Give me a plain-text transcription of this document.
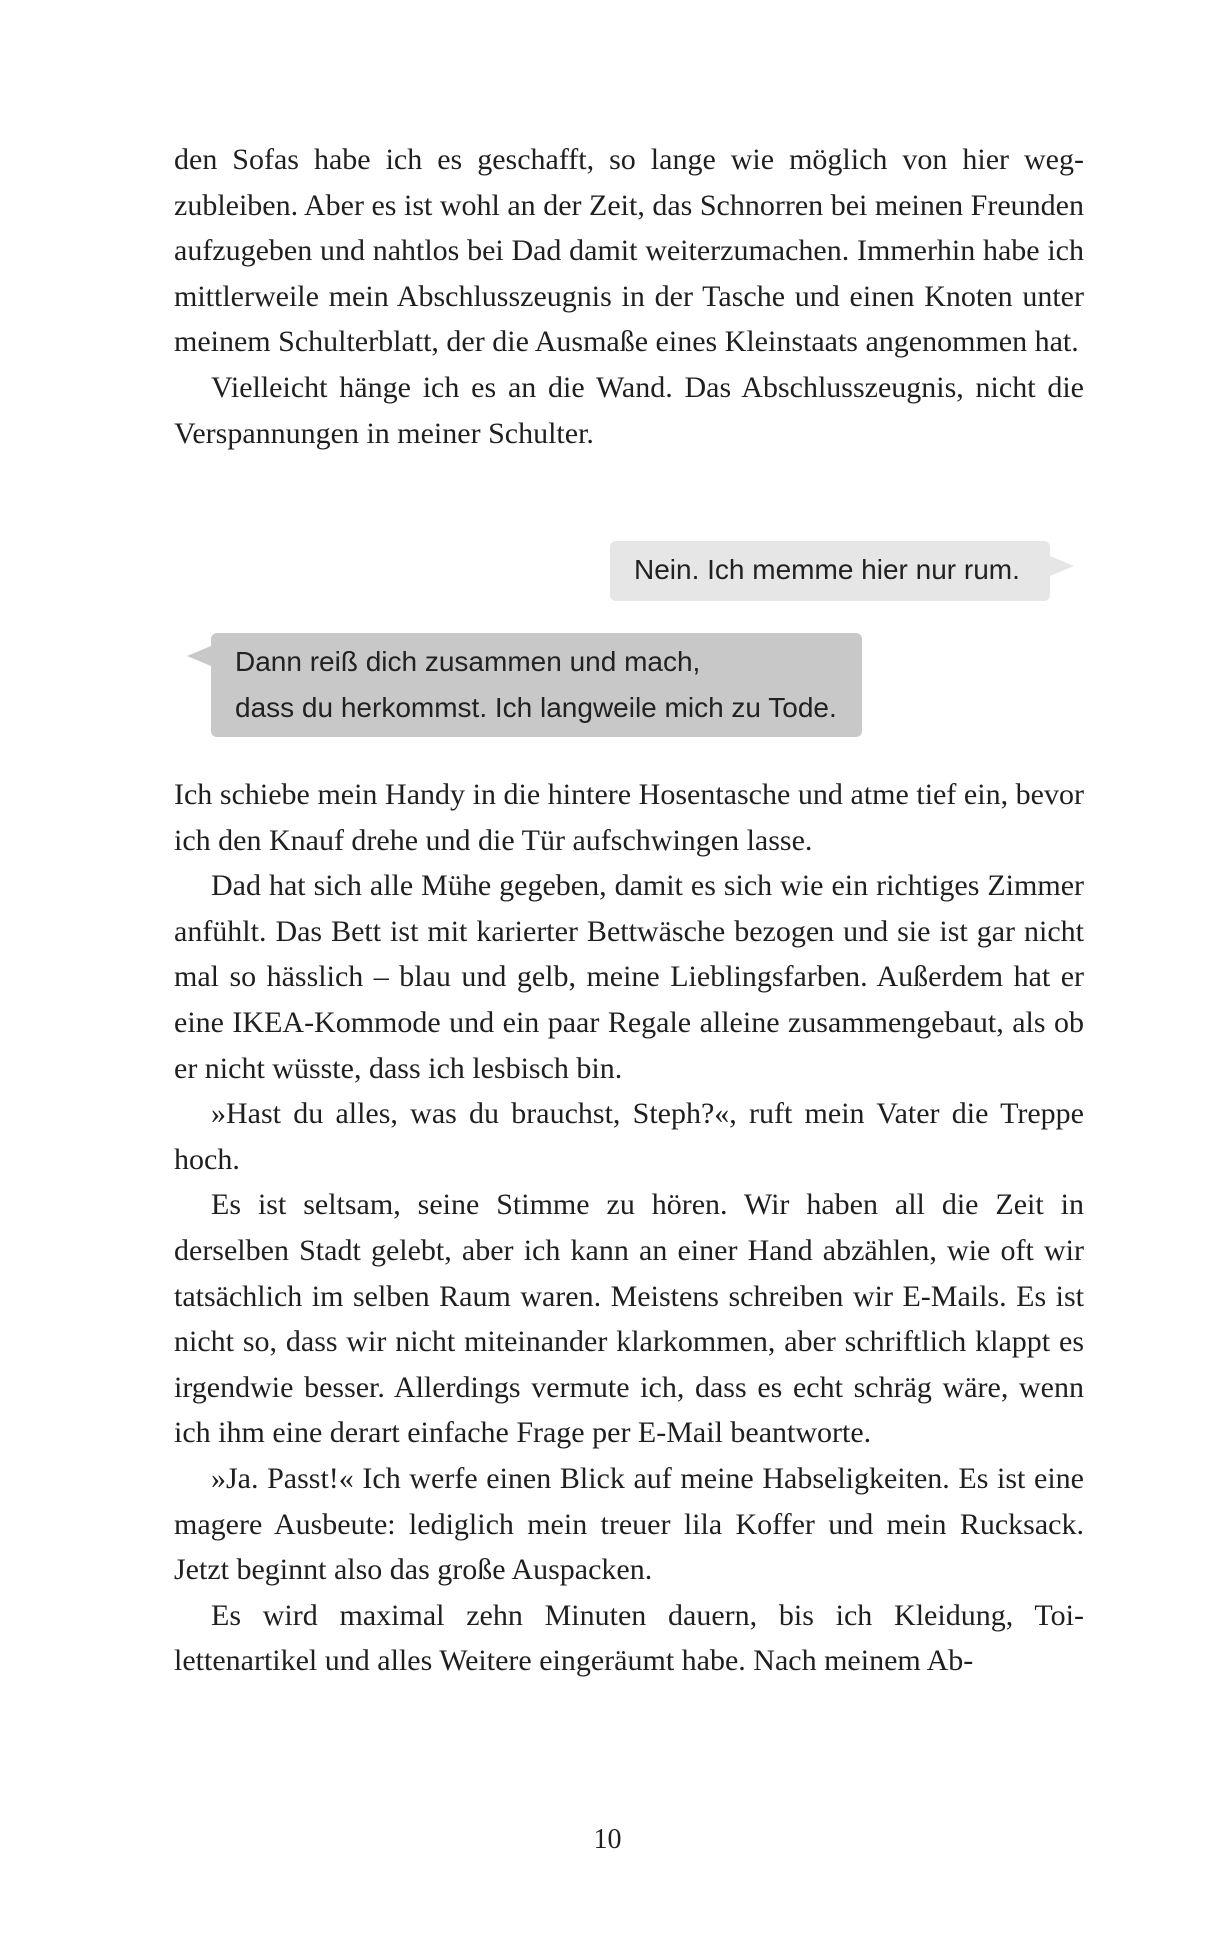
den Sofas habe ich es geschafft, so lange wie möglich von hier wegzubleiben. Aber es ist wohl an der Zeit, das Schnorren bei meinen Freunden aufzugeben und nahtlos bei Dad damit weiterzumachen. Immerhin habe ich mittlerweile mein Abschlusszeugnis in der Tasche und einen Knoten unter meinem Schulterblatt, der die Ausmaße eines Kleinstaats angenommen hat.

Vielleicht hänge ich es an die Wand. Das Abschlusszeugnis, nicht die Verspannungen in meiner Schulter.

Nein. Ich memme hier nur rum.
Dann reiß dich zusammen und mach,
dass du herkommst. Ich langweile mich zu Tode.

Ich schiebe mein Handy in die hintere Hosentasche und atme tief ein, bevor ich den Knauf drehe und die Tür aufschwingen lasse.

Dad hat sich alle Mühe gegeben, damit es sich wie ein richtiges Zimmer anfühlt. Das Bett ist mit karierter Bettwäsche bezogen und sie ist gar nicht mal so hässlich – blau und gelb, meine Lieblingsfarben. Außerdem hat er eine IKEA-Kommode und ein paar Regale alleine zusammengebaut, als ob er nicht wüsste, dass ich lesbisch bin.

»Hast du alles, was du brauchst, Steph?«, ruft mein Vater die Treppe hoch.

Es ist seltsam, seine Stimme zu hören. Wir haben all die Zeit in derselben Stadt gelebt, aber ich kann an einer Hand abzählen, wie oft wir tatsächlich im selben Raum waren. Meistens schreiben wir E-Mails. Es ist nicht so, dass wir nicht miteinander klarkommen, aber schriftlich klappt es irgendwie besser. Allerdings vermute ich, dass es echt schräg wäre, wenn ich ihm eine derart einfache Frage per E-Mail beantworte.

»Ja. Passt!« Ich werfe einen Blick auf meine Habseligkeiten. Es ist eine magere Ausbeute: lediglich mein treuer lila Koffer und mein Rucksack. Jetzt beginnt also das große Auspacken.

Es wird maximal zehn Minuten dauern, bis ich Kleidung, Toilettenartikel und alles Weitere eingeräumt habe. Nach meinem Ab-

10
